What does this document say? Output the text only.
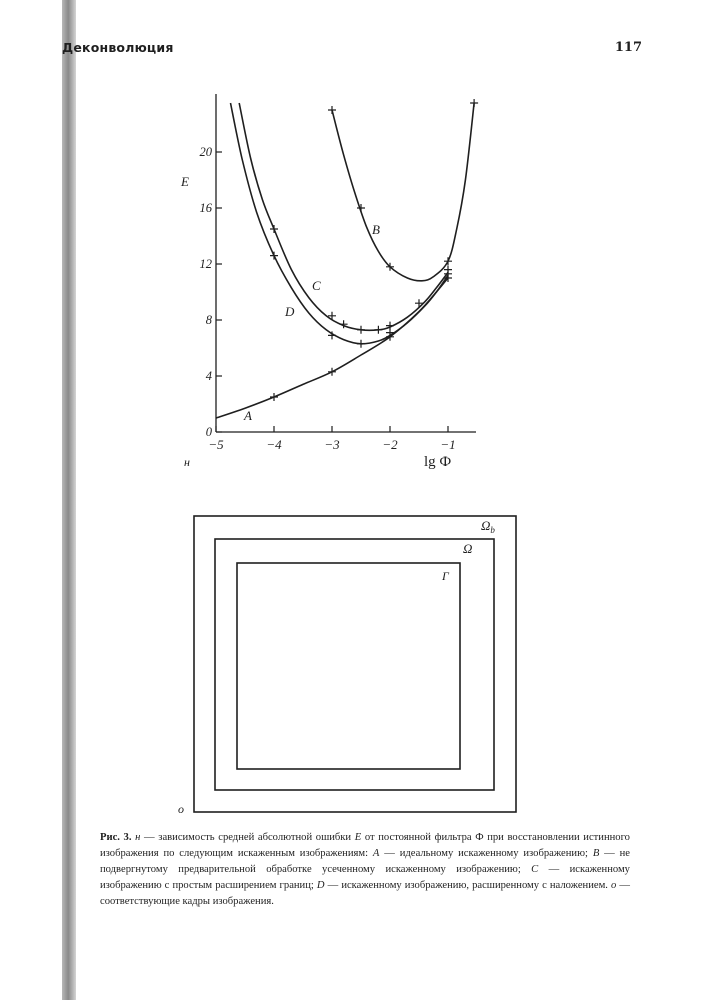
Деконволюция	117
−5	−4	−3	−2	−1
0
4
8
12
16
20
A
B
C
D
E
lg Ф
н
$\Omega_b$
Ω
Г
о
Рис. 3. н — зависимость средней абсолютной ошибки E от постоянной фильтра Ф при восстановлении истинного изображения по следующим искаженным изображениям: A — идеальному искаженному изображению; B — не подвергнутому предварительной обработке усеченному искаженному изображению; C — искаженному изображению с простым расширением границ; D — искаженному изображению, расширенному с наложением. о — соответствующие кадры изображения.
